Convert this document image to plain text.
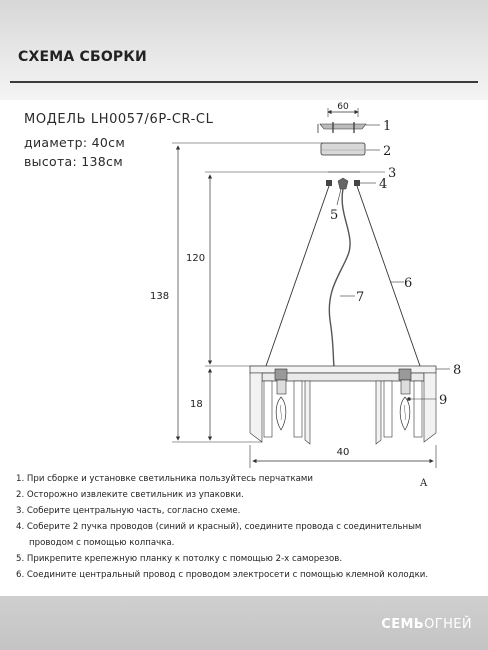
СХЕМА СБОРКИ
МОДЕЛЬ LH0057/6P-CR-CL
диаметр: 40см
высота: 138см
60
138
120
18
40
A
1
2
3
4
5
6
7
8
9
1. При сборке и установке светильника пользуйтесь перчатками
2. Осторожно извлеките светильник из упаковки.
3. Соберите центральную часть, согласно схеме.
4. Соберите 2 пучка проводов (синий и красный), соедините провода с соединительным
проводом с помощью колпачка.
5. Прикрепите крепежную планку к потолку с помощью 2-х саморезов.
6. Соедините центральный провод с проводом электросети с помощью клемной колодки.
СЕМЬОГНЕЙ
